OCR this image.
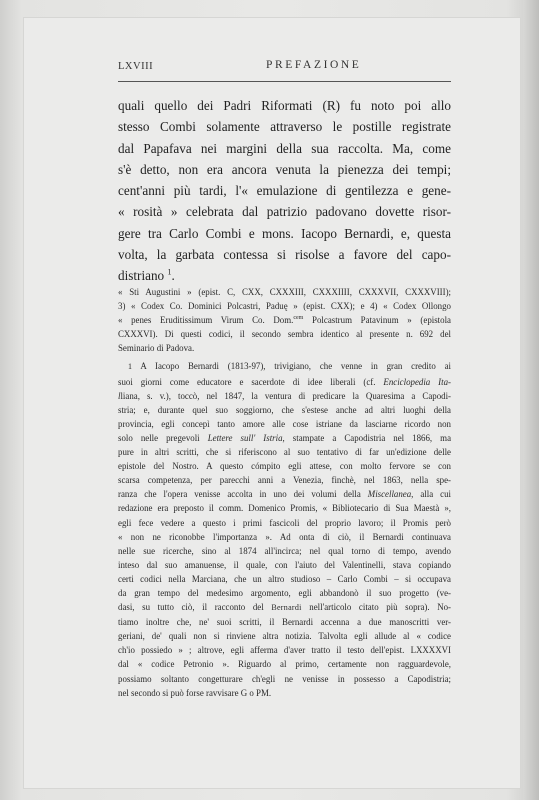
LXVIII	PREFAZIONE
quali quello dei Padri Riformati (R) fu noto poi allo
stesso Combi solamente attraverso le postille registrate
dal Papafava nei margini della sua raccolta. Ma, come
s'è detto, non era ancora venuta la pienezza dei tempi;
cent'anni più tardi, l'« emulazione di gentilezza e gene-
« rosità » celebrata dal patrizio padovano dovette risor-
gere tra Carlo Combi e mons. Iacopo Bernardi, e, questa
volta, la garbata contessa si risolse a favore del capo-
distriano $^1$.
« Sti Augustini » (epist. C, CXX, CXXXIII, CXXXIIII, CXXXVII, CXXXVIII);
3) « Codex Co. Dominici Polcastri, Paduę » (epist. CXX); e 4) « Codex Ollongo
« penes Eruditissimum Virum Co. Dom.$^{cem}$ Polcastrum Patavinum » (epistola
CXXXVI). Di questi codici, il secondo sembra identico al presente n. 692 del
Seminario di Padova.
1 A Iacopo Bernardi (1813-97), trivigiano, che venne in gran credito ai
suoi giorni come educatore e sacerdote di idee liberali (cf. Enciclopedia Ita-
lliana, s. v.), toccò, nel 1847, la ventura di predicare la Quaresima a Capodi-
stria; e, durante quel suo soggiorno, che s'estese anche ad altri luoghi della
provincia, egli concepì tanto amore alle cose istriane da lasciarne ricordo non
solo nelle pregevoli Lettere sull' Istria, stampate a Capodistria nel 1866, ma
pure in altri scritti, che si riferiscono al suo tentativo di far un'edizione delle
epistole del Nostro. A questo cómpito egli attese, con molto fervore se con
scarsa competenza, per parecchi anni a Venezia, finchè, nel 1863, nella spe-
ranza che l'opera venisse accolta in uno dei volumi della Miscellanea, alla cui
redazione era preposto il comm. Domenico Promis, « Bibliotecario di Sua Maestà »,
egli fece vedere a questo i primi fascicoli del proprio lavoro; il Promis però
« non ne riconobbe l'importanza ». Ad onta di ciò, il Bernardi continuava
nelle sue ricerche, sino al 1874 all'incirca; nel qual torno di tempo, avendo
inteso dal suo amanuense, il quale, con l'aiuto del Valentinelli, stava copiando
certi codici nella Marciana, che un altro studioso – Carlo Combi – si occupava
da gran tempo del medesimo argomento, egli abbandonò il suo progetto (ve-
dasi, su tutto ciò, il racconto del Bernardi nell'articolo citato più sopra). No-
tiamo inoltre che, ne' suoi scritti, il Bernardi accenna a due manoscritti ver-
geriani, de' quali non si rinviene altra notizia. Talvolta egli allude al « codice
ch'io possiedo » ; altrove, egli afferma d'aver tratto il testo dell'epist. LXXXXVI
dal « codice Petronio ». Riguardo al primo, certamente non ragguardevole,
possiamo soltanto congetturare ch'egli ne venisse in possesso a Capodistria;
nel secondo si può forse ravvisare G o PM.
